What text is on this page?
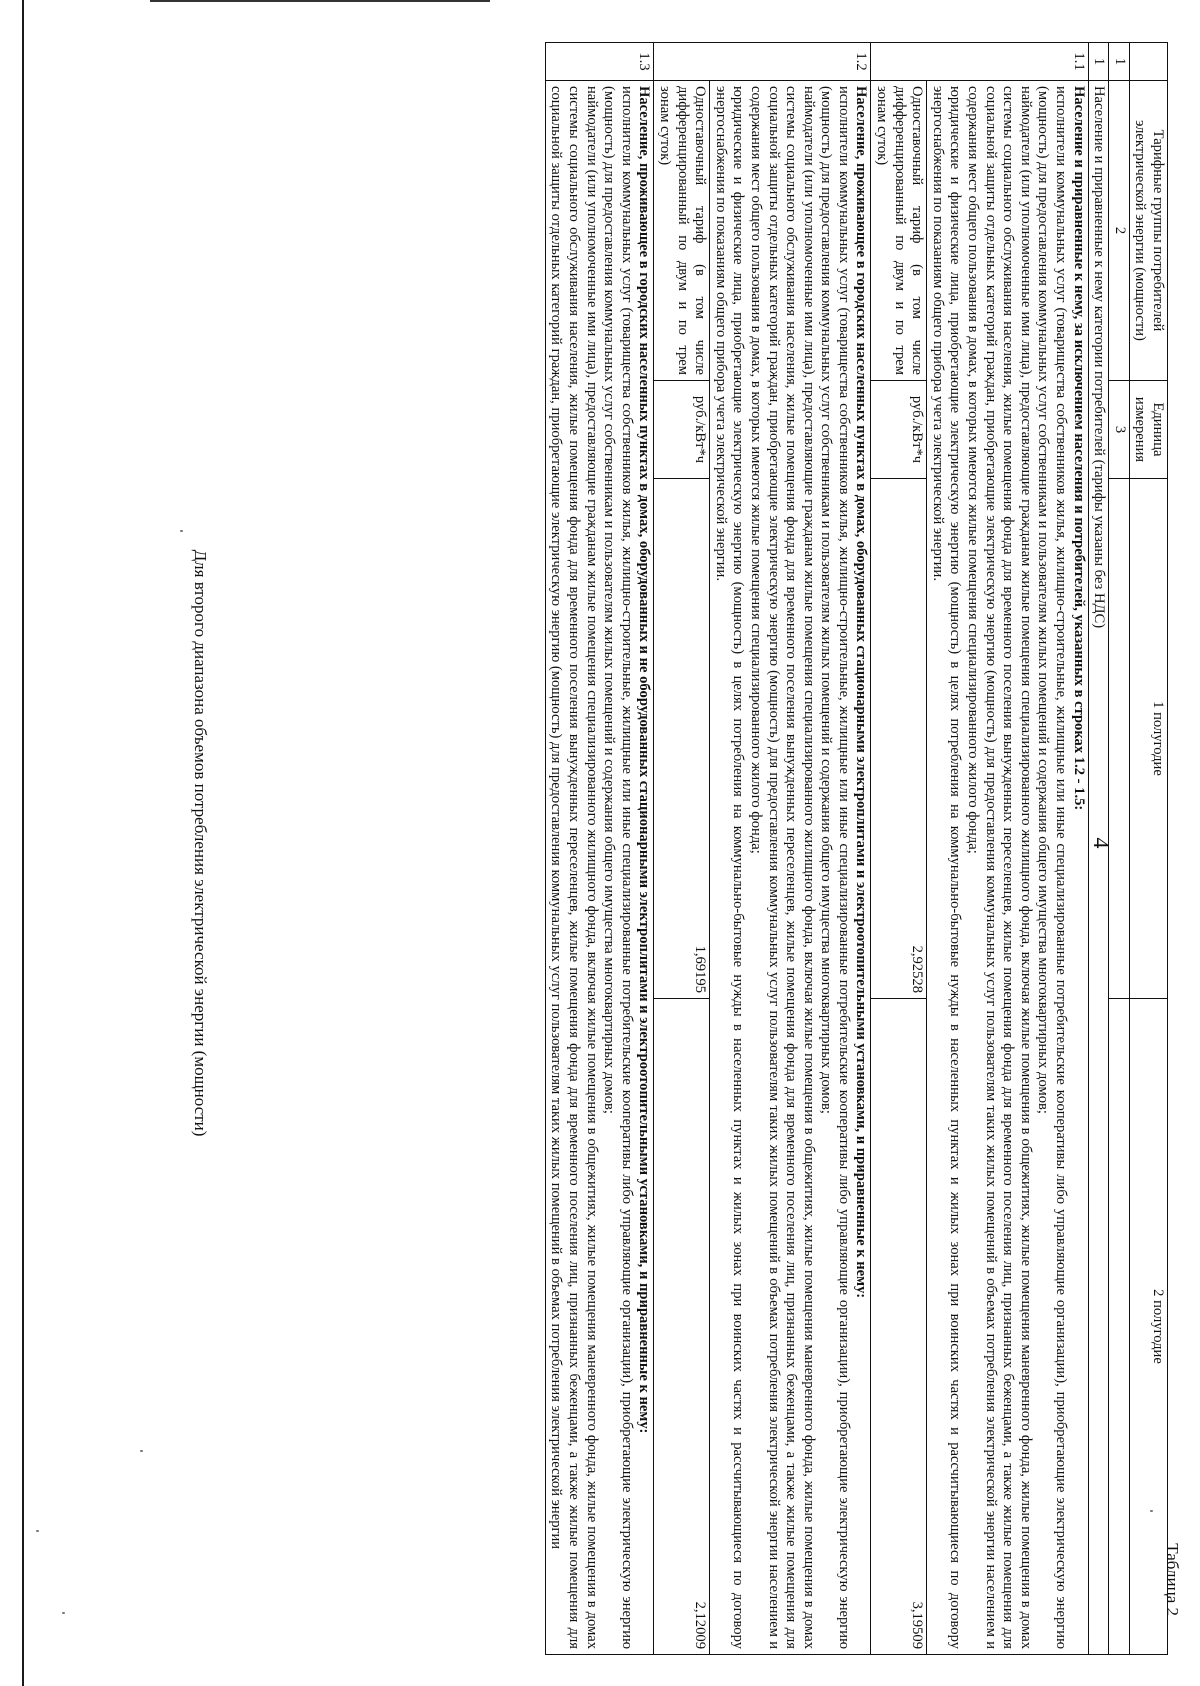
Таблица 2
4
	Тарифные группы потребителей электрической энергии (мощности)	Единица измерения	1 полугодие	2 полугодие
1	2	3		
1	Население и приравненные к нему категории потребителей (тарифы указаны без НДС)			
1.1	Население и приравненные к нему, за исключением населения и потребителей, указанных в строках 1.2 - 1.5:
исполнители коммунальных услуг (товарищества собственников жилья, жилищно-строительные, жилищные или иные специализированные потребительские кооперативы либо управляющие организации), приобретающие электрическую энергию (мощность) для предоставления коммунальных услуг собственникам и пользователям жилых помещений и содержания общего имущества многоквартирных домов;
наймодатели (или уполномоченные ими лица), предоставляющие гражданам жилые помещения специализированного жилищного фонда, включая жилые помещения в общежитиях, жилые помещения маневренного фонда, жилые помещения в домах системы социального обслуживания населения, жилые помещения фонда для временного поселения вынужденных переселенцев, жилые помещения фонда для временного поселения лиц, признанных беженцами, а также жилые помещения для социальной защиты отдельных категорий граждан, приобретающие электрическую энергию (мощность) для предоставления коммунальных услуг пользователям таких жилых помещений в объемах потребления электрической энергии населением и содержания мест общего пользования в домах, в которых имеются жилые помещения специализированного жилого фонда;
юридические и физические лица, приобретающие электрическую энергию (мощность) в целях потребления на коммунально-бытовые нужды в населенных пунктах и жилых зонах при воинских частях и рассчитывающиеся по договору энергоснабжения по показаниям общего прибора учета электрической энергии.			

	Одноставочный тариф (в том числе дифференцированный по двум и по трем зонам суток)	руб./кВт*ч	2,92528	3,19509
1.2	Население, проживающее в городских населенных пунктах в домах, оборудованных стационарными электроплитами и электроотопительными установками, и приравненные к нему:
исполнители коммунальных услуг (товарищества собственников жилья, жилищно-строительные, жилищные или иные специализированные потребительские кооперативы либо управляющие организации), приобретающие электрическую энергию (мощность) для предоставления коммунальных услуг собственникам и пользователям жилых помещений и содержания общего имущества многоквартирных домов;
наймодатели (или уполномоченные ими лица), предоставляющие гражданам жилые помещения специализированного жилищного фонда, включая жилые помещения в общежитиях, жилые помещения маневренного фонда, жилые помещения в домах системы социального обслуживания населения, жилые помещения фонда для временного поселения вынужденных переселенцев, жилые помещения фонда для временного поселения лиц, признанных беженцами, а также жилые помещения для социальной защиты отдельных категорий граждан, приобретающие электрическую энергию (мощность) для предоставления коммунальных услуг пользователям таких жилых помещений в объемах потребления электрической энергии населением и содержания мест общего пользования в домах, в которых имеются жилые помещения специализированного жилого фонда;
юридические и физические лица, приобретающие электрическую энергию (мощность) в целях потребления на коммунально-бытовые нужды в населенных пунктах и жилых зонах при воинских частях и рассчитывающиеся по договору энергоснабжения по показаниям общего прибора учета электрической энергии.			

	Одноставочный тариф (в том числе дифференцированный по двум и по трем зонам суток)	руб./кВт*ч	1,69195	2,12009
1.3	Население, проживающее в городских населенных пунктах в домах, оборудованных и не оборудованных стационарными электроплитами и электроотопительными установками, и приравненные к нему:
исполнители коммунальных услуг (товарищества собственников жилья, жилищно-строительные, жилищные или иные специализированные потребительские кооперативы либо управляющие организации), приобретающие электрическую энергию (мощность) для предоставления коммунальных услуг собственникам и пользователям жилых помещений и содержания общего имущества многоквартирных домов;
наймодатели (или уполномоченные ими лица), предоставляющие гражданам жилые помещения специализированного жилищного фонда, включая жилые помещения в общежитиях, жилые помещения маневренного фонда, жилые помещения в домах системы социального обслуживания населения, жилые помещения фонда для временного поселения вынужденных переселенцев, жилые помещения фонда для временного поселения лиц, признанных беженцами, а также жилые помещения для социальной защиты отдельных категорий граждан, приобретающие электрическую энергию (мощность) для предоставления коммунальных услуг пользователям таких жилых помещений в объемах потребления электрической энергии			
Для второго диапазона объемов потребления электрической энергии (мощности)
